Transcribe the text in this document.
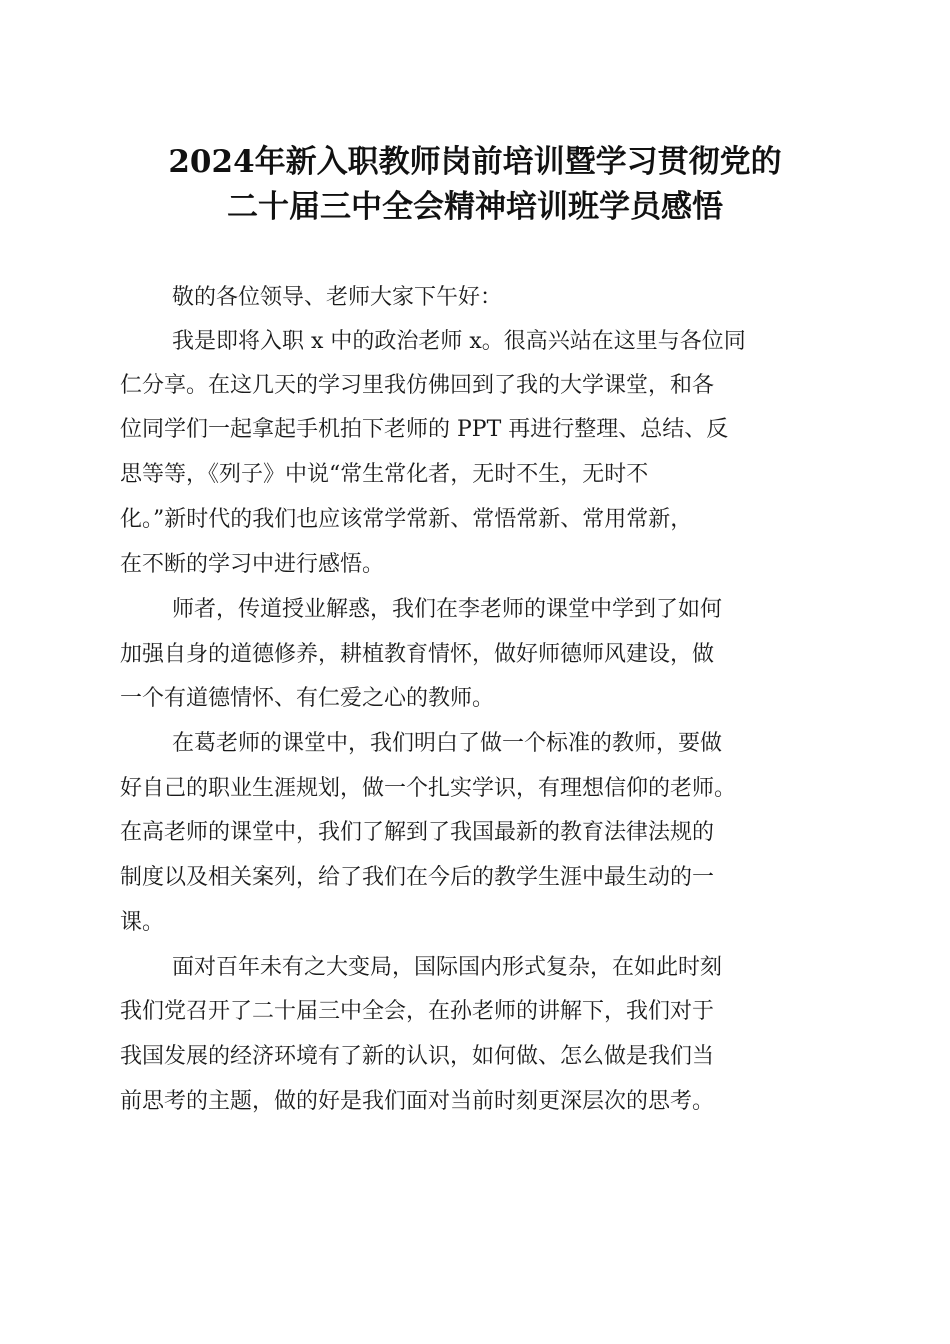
2024年新入职教师岗前培训暨学习贯彻党的
二十届三中全会精神培训班学员感悟
敬的各位领导、老师大家下午好：
我是即将入职 x 中的政治老师 x。很高兴站在这里与各位同
仁分享。在这几天的学习里我仿佛回到了我的大学课堂，和各
位同学们一起拿起手机拍下老师的 PPT 再进行整理、总结、反
思等等，《列子》中说“常生常化者，无时不生，无时不
化。”新时代的我们也应该常学常新、常悟常新、常用常新，
在不断的学习中进行感悟。
师者，传道授业解惑，我们在李老师的课堂中学到了如何
加强自身的道德修养，耕植教育情怀，做好师德师风建设，做
一个有道德情怀、有仁爱之心的教师。
在葛老师的课堂中，我们明白了做一个标准的教师，要做
好自己的职业生涯规划，做一个扎实学识，有理想信仰的老师。
在高老师的课堂中，我们了解到了我国最新的教育法律法规的
制度以及相关案列，给了我们在今后的教学生涯中最生动的一
课。
面对百年未有之大变局，国际国内形式复杂，在如此时刻
我们党召开了二十届三中全会，在孙老师的讲解下，我们对于
我国发展的经济环境有了新的认识，如何做、怎么做是我们当
前思考的主题，做的好是我们面对当前时刻更深层次的思考。
